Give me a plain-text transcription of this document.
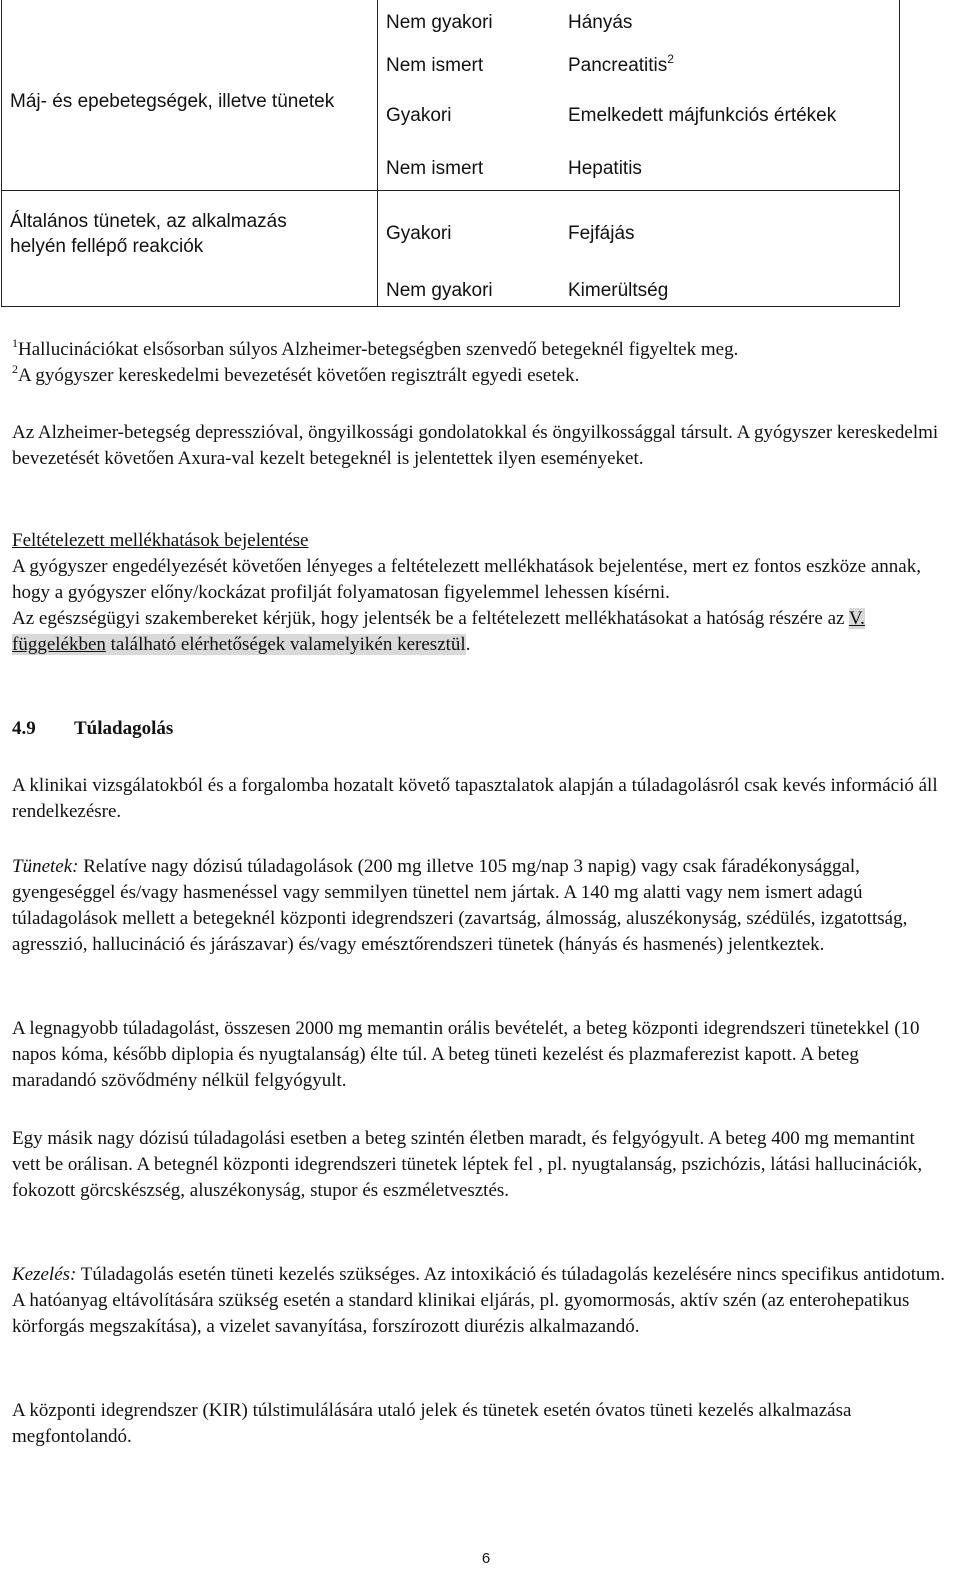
Máj- és epebetegségek, illetve tünetek
Nem gyakori	Hányás
Nem ismert	Pancreatitis$^2$
Gyakori	Emelkedett májfunkciós értékek
Nem ismert	Hepatitis
Általános tünetek, az alkalmazás helyén fellépő reakciók
Gyakori	Fejfájás
Nem gyakori	Kimerültség

$^1$Hallucinációkat elsősorban súlyos Alzheimer-betegségben szenvedő betegeknél figyeltek meg.

$^2$A gyógyszer kereskedelmi bevezetését követően regisztrált egyedi esetek.

Az Alzheimer-betegség depresszióval, öngyilkossági gondolatokkal és öngyilkossággal társult. A gyógyszer kereskedelmi bevezetését követően Axura-val kezelt betegeknél is jelentettek ilyen eseményeket.

Feltételezett mellékhatások bejelentése

A gyógyszer engedélyezését követően lényeges a feltételezett mellékhatások bejelentése, mert ez fontos eszköze annak, hogy a gyógyszer előny/kockázat profilját folyamatosan figyelemmel lehessen kísérni.

Az egészségügyi szakembereket kérjük, hogy jelentsék be a feltételezett mellékhatásokat a hatóság részére az V. függelékben található elérhetőségek valamelyikén keresztül.

4.9 Túladagolás
A klinikai vizsgálatokból és a forgalomba hozatalt követő tapasztalatok alapján a túladagolásról csak kevés információ áll rendelkezésre.
Tünetek: Relatíve nagy dózisú túladagolások (200 mg illetve 105 mg/nap 3 napig) vagy csak fáradékonysággal, gyengeséggel és/vagy hasmenéssel vagy semmilyen tünettel nem jártak. A 140 mg alatti vagy nem ismert adagú túladagolások mellett a betegeknél központi idegrendszeri (zavartság, álmosság, aluszékonyság, szédülés, izgatottság, agresszió, hallucináció és járászavar) és/vagy emésztőrendszeri tünetek (hányás és hasmenés) jelentkeztek.
A legnagyobb túladagolást, összesen 2000 mg memantin orális bevételét, a beteg központi idegrendszeri tünetekkel (10 napos kóma, később diplopia és nyugtalanság) élte túl. A beteg tüneti kezelést és plazmaferezist kapott. A beteg maradandó szövődmény nélkül felgyógyult.
Egy másik nagy dózisú túladagolási esetben a beteg szintén életben maradt, és felgyógyult. A beteg 400 mg memantint vett be orálisan. A betegnél központi idegrendszeri tünetek léptek fel , pl. nyugtalanság, pszichózis, látási hallucinációk, fokozott görcskészség, aluszékonyság, stupor és eszméletvesztés.
Kezelés: Túladagolás esetén tüneti kezelés szükséges. Az intoxikáció és túladagolás kezelésére nincs specifikus antidotum. A hatóanyag eltávolítására szükség esetén a standard klinikai eljárás, pl. gyomormosás, aktív szén (az enterohepatikus körforgás megszakítása), a vizelet savanyítása, forszírozott diurézis alkalmazandó.
A központi idegrendszer (KIR) túlstimulálására utaló jelek és tünetek esetén óvatos tüneti kezelés alkalmazása megfontolandó.
6
